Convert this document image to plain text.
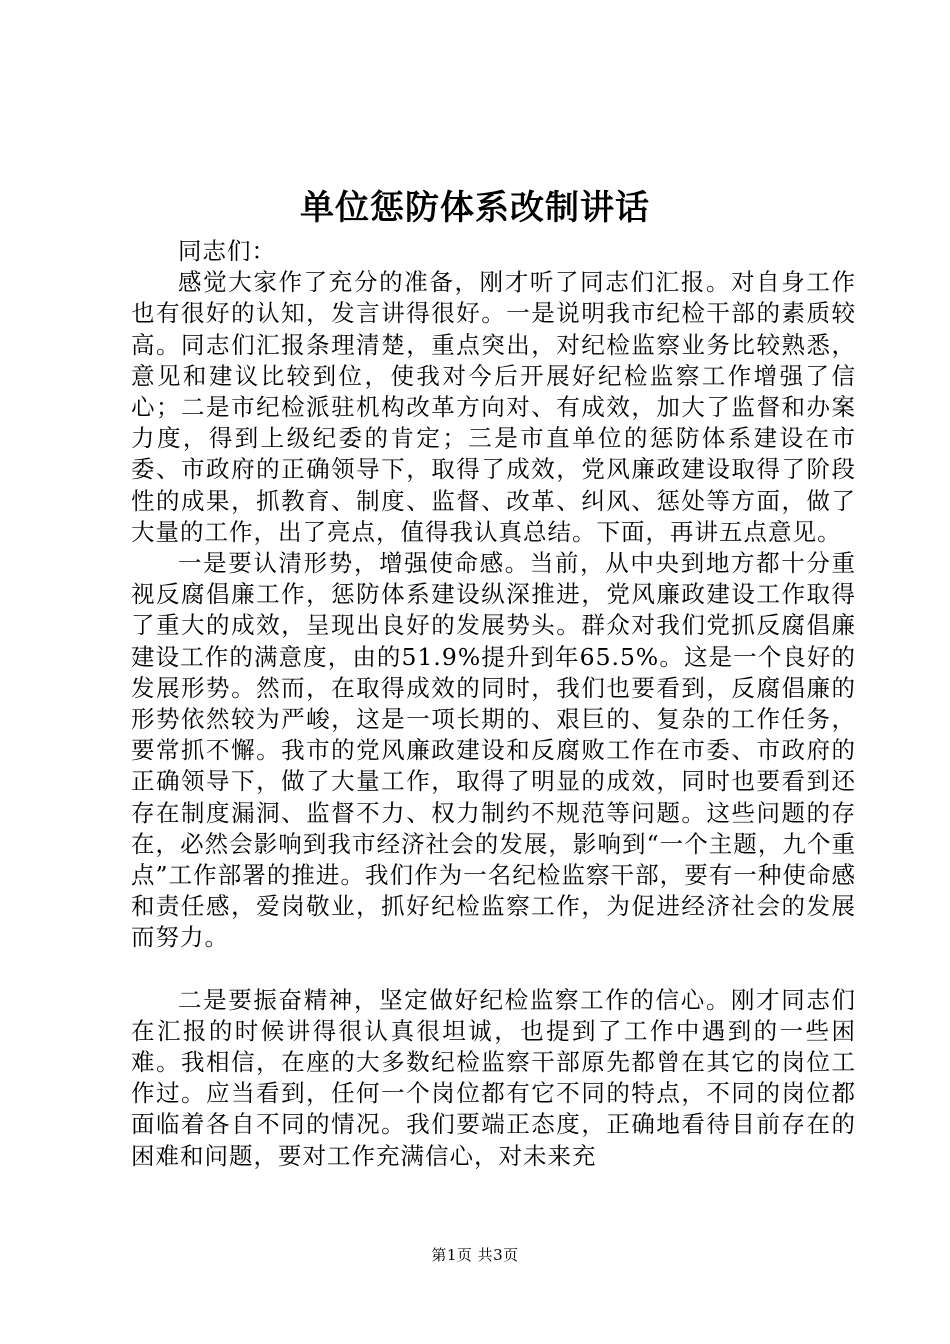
单位惩防体系改制讲话

同志们：

感觉大家作了充分的准备，刚才听了同志们汇报。对自身工作也有很好的认知，发言讲得很好。一是说明我市纪检干部的素质较高。同志们汇报条理清楚，重点突出，对纪检监察业务比较熟悉，意见和建议比较到位，使我对今后开展好纪检监察工作增强了信心；二是市纪检派驻机构改革方向对、有成效，加大了监督和办案力度，得到上级纪委的肯定；三是市直单位的惩防体系建设在市委、市政府的正确领导下，取得了成效，党风廉政建设取得了阶段性的成果，抓教育、制度、监督、改革、纠风、惩处等方面，做了大量的工作，出了亮点，值得我认真总结。下面，再讲五点意见。

一是要认清形势，增强使命感。当前，从中央到地方都十分重视反腐倡廉工作，惩防体系建设纵深推进，党风廉政建设工作取得了重大的成效，呈现出良好的发展势头。群众对我们党抓反腐倡廉建设工作的满意度，由的51.9%提升到年65.5%。这是一个良好的发展形势。然而，在取得成效的同时，我们也要看到，反腐倡廉的形势依然较为严峻，这是一项长期的、艰巨的、复杂的工作任务，要常抓不懈。我市的党风廉政建设和反腐败工作在市委、市政府的正确领导下，做了大量工作，取得了明显的成效，同时也要看到还存在制度漏洞、监督不力、权力制约不规范等问题。这些问题的存在，必然会影响到我市经济社会的发展，影响到“一个主题，九个重点”工作部署的推进。我们作为一名纪检监察干部，要有一种使命感和责任感，爱岗敬业，抓好纪检监察工作，为促进经济社会的发展而努力。

二是要振奋精神，坚定做好纪检监察工作的信心。刚才同志们在汇报的时候讲得很认真很坦诚，也提到了工作中遇到的一些困难。我相信，在座的大多数纪检监察干部原先都曾在其它的岗位工作过。应当看到，任何一个岗位都有它不同的特点，不同的岗位都面临着各自不同的情况。我们要端正态度，正确地看待目前存在的困难和问题，要对工作充满信心，对未来充

第1页 共3页
